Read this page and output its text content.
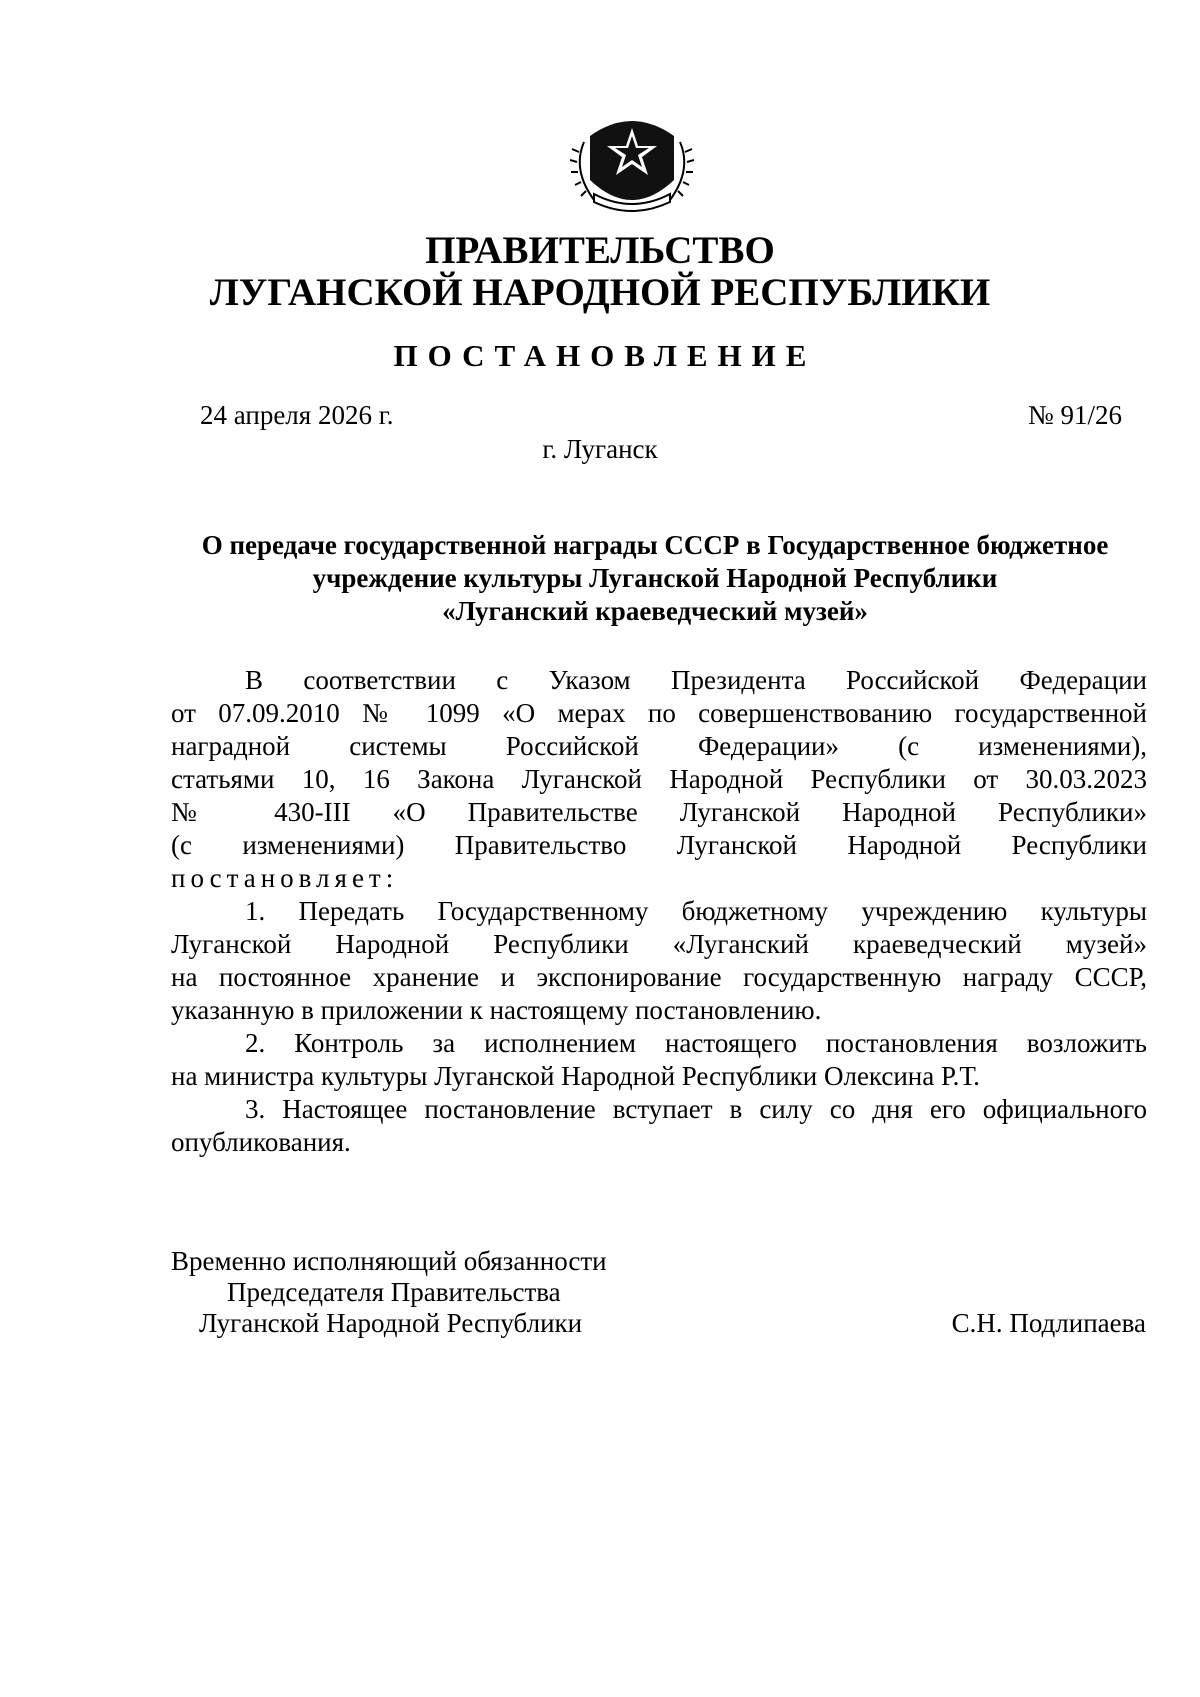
ПРАВИТЕЛЬСТВО
ЛУГАНСКОЙ НАРОДНОЙ РЕСПУБЛИКИ
ПОСТАНОВЛЕНИЕ
24 апреля 2026 г.	№ 91/26
г. Луганск
О передаче государственной награды СССР в Государственное бюджетное
учреждение культуры Луганской Народной Республики
«Луганский краеведческий музей»
В соответствии с Указом Президента Российской Федерации
от 07.09.2010 № 1099 «О мерах по совершенствованию государственной
наградной системы Российской Федерации» (с изменениями),
статьями 10, 16 Закона Луганской Народной Республики от 30.03.2023
№ 430-III «О Правительстве Луганской Народной Республики»
(с изменениями) Правительство Луганской Народной Республики
постановляет:
1. Передать Государственному бюджетному учреждению культуры
Луганской Народной Республики «Луганский краеведческий музей»
на постоянное хранение и экспонирование государственную награду СССР,
указанную в приложении к настоящему постановлению.
2. Контроль за исполнением настоящего постановления возложить
на министра культуры Луганской Народной Республики Олексина Р.Т.
3. Настоящее постановление вступает в силу со дня его официального
опубликования.
Временно исполняющий обязанности
Председателя Правительства
Луганской Народной Республики	С.Н. Подлипаева
